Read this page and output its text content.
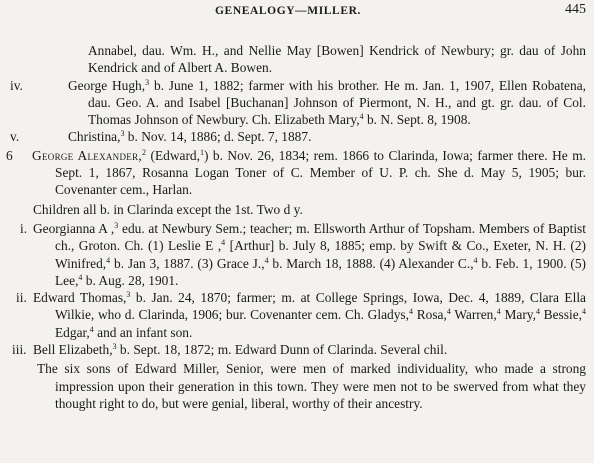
GENEALOGY—MILLER.	445
Annabel, dau. Wm. H., and Nellie May [Bowen] Kendrick of Newbury; gr. dau of John Kendrick and of Albert A. Bowen.
iv.	George Hugh,$^3$ b. June 1, 1882; farmer with his brother. He m. Jan. 1, 1907, Ellen Robatena, dau. Geo. A. and Isabel [Buchanan] Johnson of Piermont, N. H., and gt. gr. dau. of Col. Thomas Johnson of Newbury. Ch. Elizabeth Mary,$^4$ b. N. Sept. 8, 1908.
v.	Christina,$^3$ b. Nov. 14, 1886; d. Sept. 7, 1887.
6 George Alexander,$^2$ (Edward,$^1$) b. Nov. 26, 1834; rem. 1866 to Clarinda, Iowa; farmer there. He m. Sept. 1, 1867, Rosanna Logan Toner of C. Member of U. P. ch. She d. May 5, 1905; bur. Covenanter cem., Harlan.
Children all b. in Clarinda except the 1st. Two d y.
i. Georgianna A ,$^3$ edu. at Newbury Sem.; teacher; m. Ellsworth Arthur of Topsham. Members of Baptist ch., Groton. Ch. (1) Leslie E ,$^4$ [Arthur] b. July 8, 1885; emp. by Swift & Co., Exeter, N. H. (2) Winifred,$^4$ b. Jan 3, 1887. (3) Grace J.,$^4$ b. March 18, 1888. (4) Alexander C.,$^4$ b. Feb. 1, 1900. (5) Lee,$^4$ b. Aug. 28, 1901.
ii. Edward Thomas,$^3$ b. Jan. 24, 1870; farmer; m. at College Springs, Iowa, Dec. 4, 1889, Clara Ella Wilkie, who d. Clarinda, 1906; bur. Covenanter cem. Ch. Gladys,$^4$ Rosa,$^4$ Warren,$^4$ Mary,$^4$ Bessie,$^4$ Edgar,$^4$ and an infant son.
iii. Bell Elizabeth,$^3$ b. Sept. 18, 1872; m. Edward Dunn of Clarinda. Several chil.
The six sons of Edward Miller, Senior, were men of marked individuality, who made a strong impression upon their generation in this town. They were men not to be swerved from what they thought right to do, but were genial, liberal, worthy of their ancestry.
